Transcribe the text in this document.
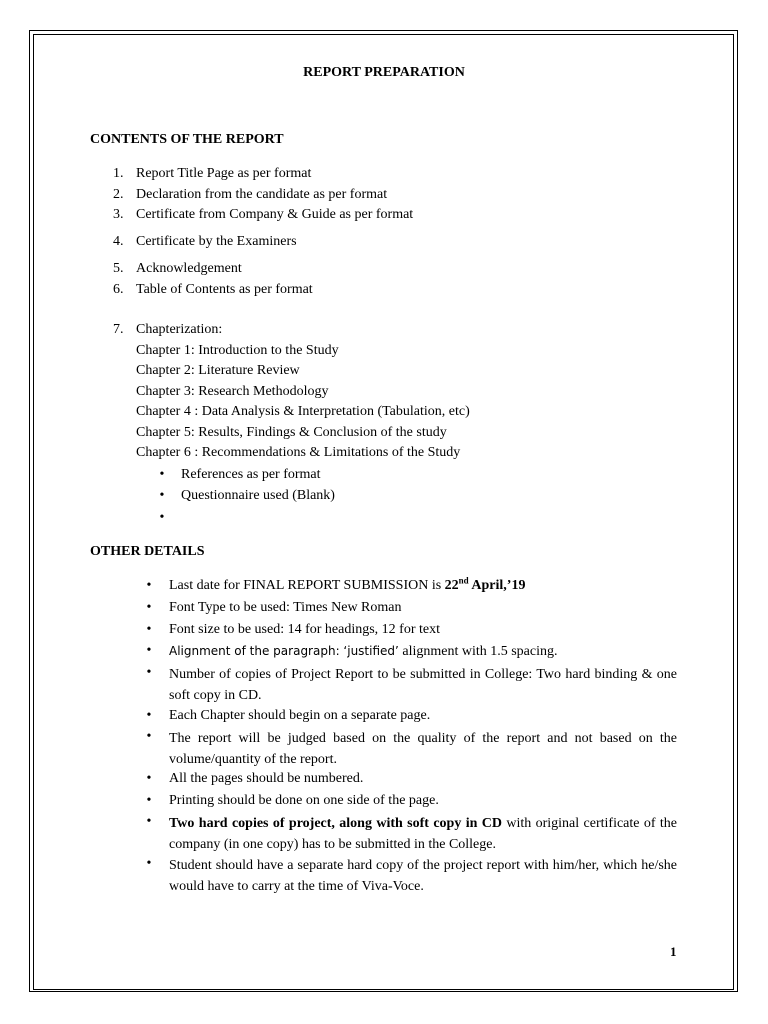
REPORT PREPARATION
CONTENTS OF THE REPORT
1. Report Title Page as per format
2. Declaration from the candidate as per format
3. Certificate from Company & Guide as per format
4. Certificate by the Examiners
5. Acknowledgement
6. Table of Contents as per format
7. Chapterization:
Chapter 1: Introduction to the Study
Chapter 2: Literature Review
Chapter 3: Research Methodology
Chapter 4 : Data Analysis & Interpretation (Tabulation, etc)
Chapter 5: Results, Findings & Conclusion of the study
Chapter 6 : Recommendations & Limitations of the Study
• References as per format
• Questionnaire used (Blank)
•
OTHER DETAILS
• Last date for FINAL REPORT SUBMISSION is 22nd April,’19
• Font Type to be used: Times New Roman
• Font size to be used: 14 for headings, 12 for text
• Alignment of the paragraph: ‘justified’ alignment with 1.5 spacing.
• Number of copies of Project Report to be submitted in College: Two hard binding & one soft copy in CD.
• Each Chapter should begin on a separate page.
• The report will be judged based on the quality of the report and not based on the volume/quantity of the report.
• All the pages should be numbered.
• Printing should be done on one side of the page.
• Two hard copies of project, along with soft copy in CD with original certificate of the company (in one copy) has to be submitted in the College.
• Student should have a separate hard copy of the project report with him/her, which he/she would have to carry at the time of Viva-Voce.
1
